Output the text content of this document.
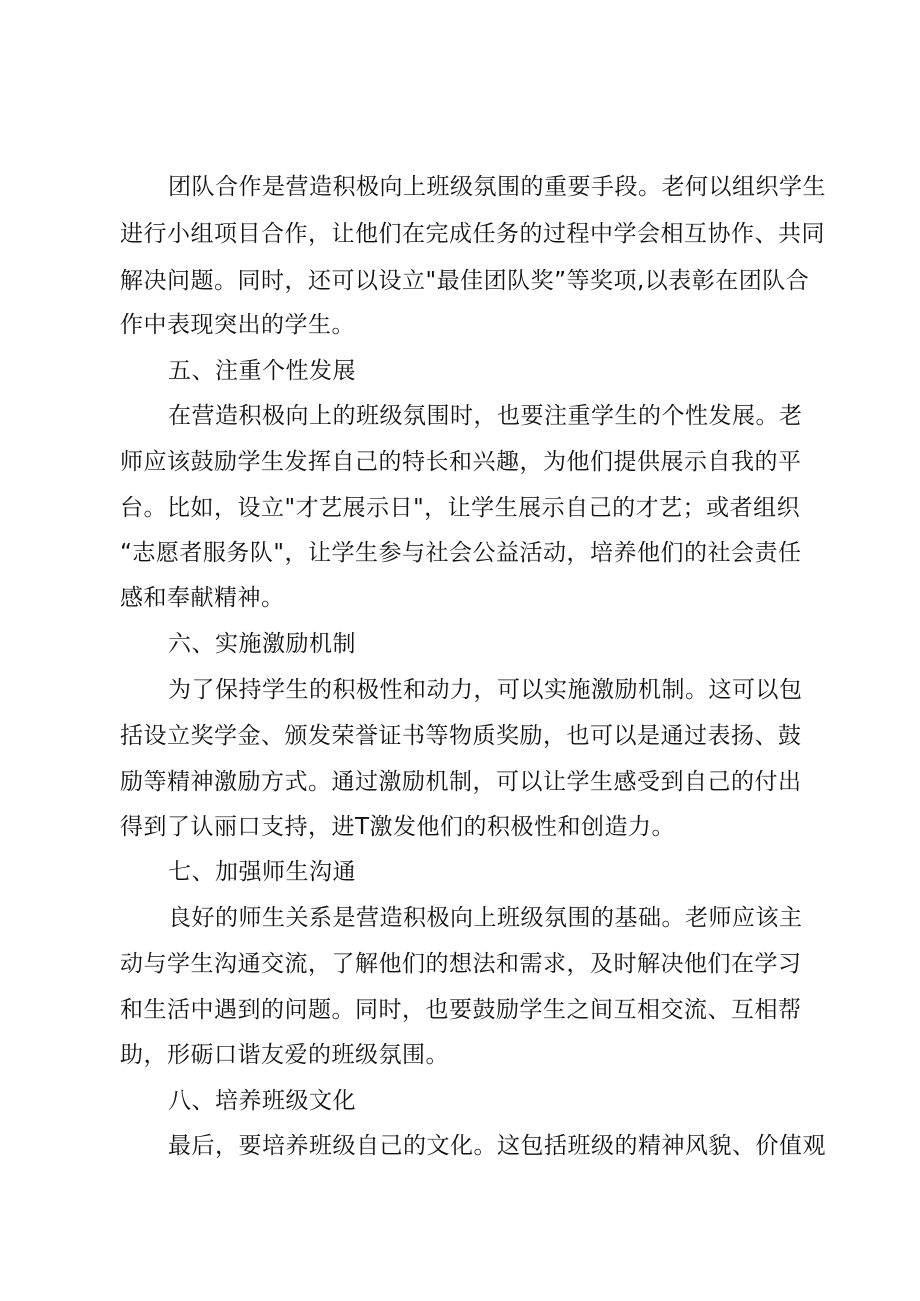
团队合作是营造积极向上班级氛围的重要手段。老何以组织学生
进行小组项目合作，让他们在完成任务的过程中学会相互协作、共同
解决问题。同时，还可以设立"最佳团队奖”等奖项,以表彰在团队合
作中表现突出的学生。
五、注重个性发展
在营造积极向上的班级氛围时，也要注重学生的个性发展。老
师应该鼓励学生发挥自己的特长和兴趣，为他们提供展示自我的平
台。比如，设立"才艺展示日"，让学生展示自己的才艺；或者组织
“志愿者服务队"，让学生参与社会公益活动，培养他们的社会责任
感和奉献精神。
六、实施激励机制
为了保持学生的积极性和动力，可以实施激励机制。这可以包
括设立奖学金、颁发荣誉证书等物质奖励，也可以是通过表扬、鼓
励等精神激励方式。通过激励机制，可以让学生感受到自己的付出
得到了认丽口支持，进T激发他们的积极性和创造力。
七、加强师生沟通
良好的师生关系是营造积极向上班级氛围的基础。老师应该主
动与学生沟通交流，了解他们的想法和需求，及时解决他们在学习
和生活中遇到的问题。同时，也要鼓励学生之间互相交流、互相帮
助，形砺口谐友爱的班级氛围。
八、培养班级文化
最后，要培养班级自己的文化。这包括班级的精神风貌、价值观
